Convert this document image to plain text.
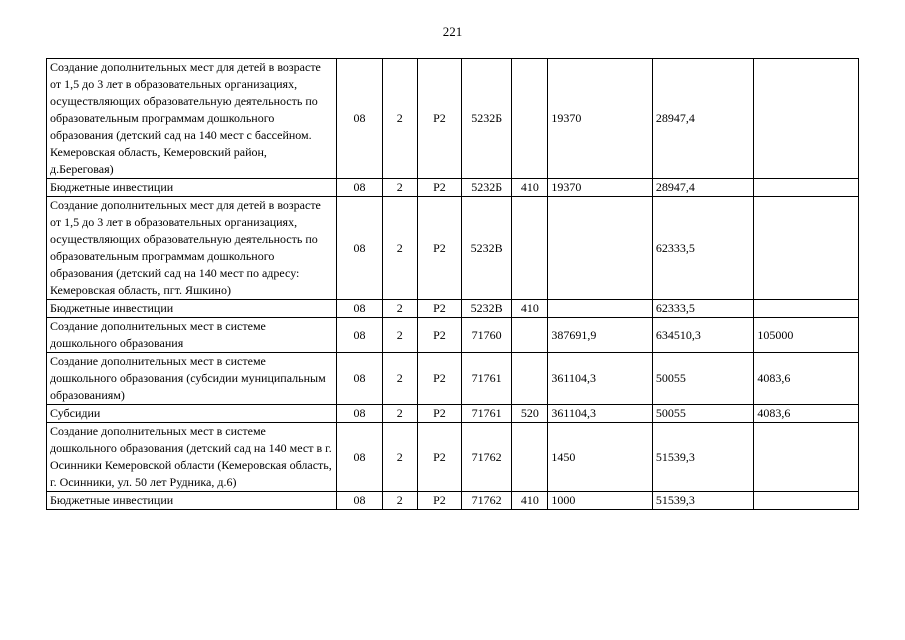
221
Создание дополнительных мест для детей в возрасте от 1,5 до 3 лет в образовательных организациях, осуществляющих образовательную деятельность по образовательным программам дошкольного образования (детский сад на 140 мест с бассейном. Кемеровская область, Кемеровский район, д.Береговая)	08	2	P2	5232Б		19370	28947,4	
Бюджетные инвестиции	08	2	P2	5232Б	410	19370	28947,4	
Создание дополнительных мест для детей в возрасте от 1,5 до 3 лет в образовательных организациях, осуществляющих образовательную деятельность по образовательным программам дошкольного образования (детский сад на 140 мест по адресу: Кемеровская область, пгт. Яшкино)	08	2	P2	5232В			62333,5	
Бюджетные инвестиции	08	2	P2	5232В	410		62333,5	
Создание дополнительных мест в системе дошкольного образования	08	2	P2	71760		387691,9	634510,3	105000
Создание дополнительных мест в системе дошкольного образования (субсидии муниципальным образованиям)	08	2	P2	71761		361104,3	50055	4083,6
Субсидии	08	2	P2	71761	520	361104,3	50055	4083,6
Создание дополнительных мест в системе дошкольного образования (детский сад на 140 мест в г. Осинники Кемеровской области (Кемеровская область, г. Осинники, ул. 50 лет Рудника, д.6)	08	2	P2	71762		1450	51539,3	
Бюджетные инвестиции	08	2	P2	71762	410	1000	51539,3	
